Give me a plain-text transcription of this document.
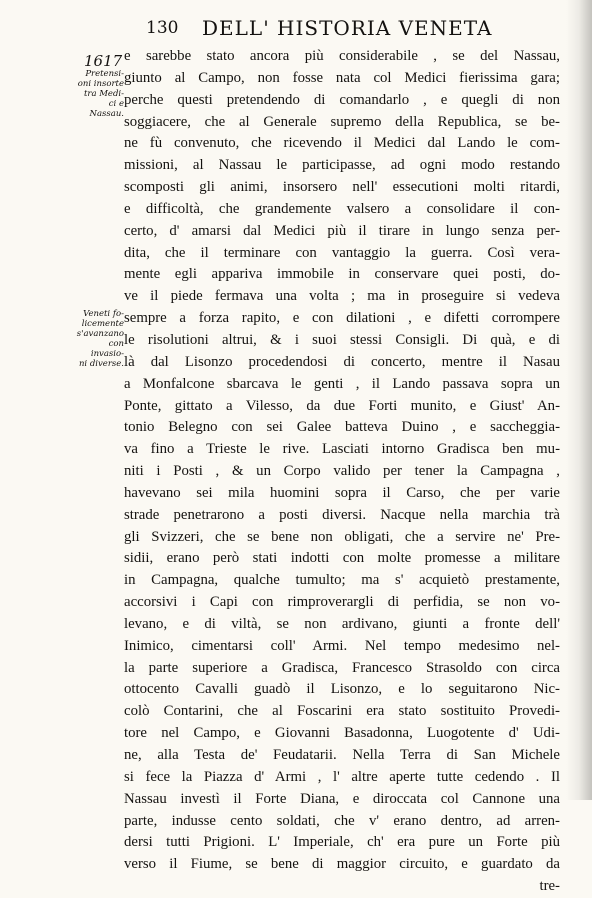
130 DELL' HISTORIA VENETA
1617
Pretensi-
oni insorte
tra Medi-
ci e Nassau.
Veneti fo-
licemente
s'avanzano
con invasio-
ni diverse.
e sarebbe stato ancora più considerabile , se del Nassau,
giunto al Campo, non fosse nata col Medici fierissima gara;
perche questi pretendendo di comandarlo , e quegli di non
soggiacere, che al Generale supremo della Republica, se be-
ne fù convenuto, che ricevendo il Medici dal Lando le com-
missioni, al Nassau le participasse, ad ogni modo restando
scomposti gli animi, insorsero nell' essecutioni molti ritardi,
e difficoltà, che grandemente valsero a consolidare il con-
certo, d' amarsi dal Medici più il tirare in lungo senza per-
dita, che il terminare con vantaggio la guerra. Così vera-
mente egli appariva immobile in conservare quei posti, do-
ve il piede fermava una volta ; ma in proseguire si vedeva
sempre a forza rapito, e con dilationi , e difetti corrompere
le risolutioni altrui, & i suoi stessi Consigli. Di quà, e di
là dal Lisonzo procedendosi di concerto, mentre il Nasau
a Monfalcone sbarcava le genti , il Lando passava sopra un
Ponte, gittato a Vilesso, da due Forti munito, e Giust' An-
tonio Belegno con sei Galee batteva Duino , e saccheggia-
va fino a Trieste le rive. Lasciati intorno Gradisca ben mu-
niti i Posti , & un Corpo valido per tener la Campagna ,
havevano sei mila huomini sopra il Carso, che per varie
strade penetrarono a posti diversi. Nacque nella marchia trà
gli Svizzeri, che se bene non obligati, che a servire ne' Pre-
sidii, erano però stati indotti con molte promesse a militare
in Campagna, qualche tumulto; ma s' acquietò prestamente,
accorsivi i Capi con rimproverargli di perfidia, se non vo-
levano, e di viltà, se non ardivano, giunti a fronte dell'
Inimico, cimentarsi coll' Armi. Nel tempo medesimo nel-
la parte superiore a Gradisca, Francesco Strasoldo con circa
ottocento Cavalli guadò il Lisonzo, e lo seguitarono Nic-
colò Contarini, che al Foscarini era stato sostituito Provedi-
tore nel Campo, e Giovanni Basadonna, Luogotente d' Udi-
ne, alla Testa de' Feudatarii. Nella Terra di San Michele
si fece la Piazza d' Armi , l' altre aperte tutte cedendo . Il
Nassau investì il Forte Diana, e diroccata col Cannone una
parte, indusse cento soldati, che v' erano dentro, ad arren-
dersi tutti Prigioni. L' Imperiale, ch' era pure un Forte più
verso il Fiume, se bene di maggior circuito, e guardato da
tre-
